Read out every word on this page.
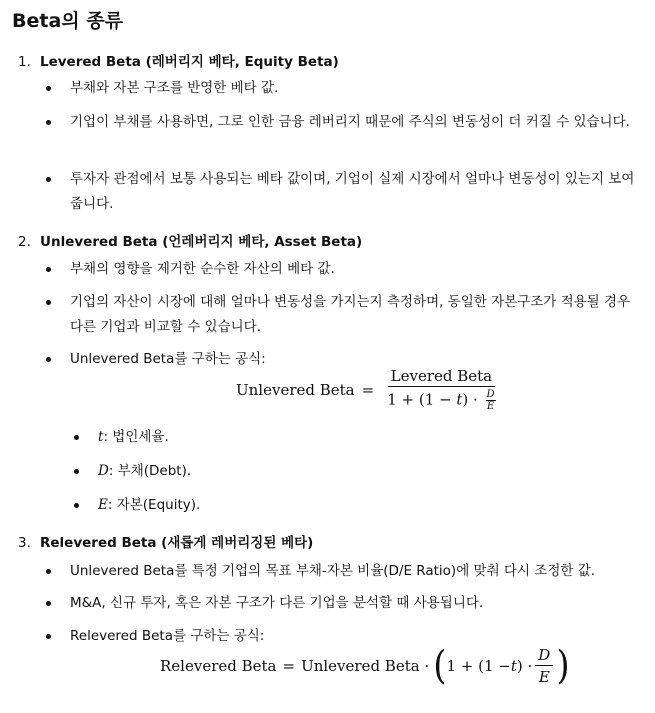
Beta의 종류
1. Levered Beta (레버리지 베타, Equity Beta)
부채와 자본 구조를 반영한 베타 값.
기업이 부채를 사용하면, 그로 인한 금융 레버리지 때문에 주식의 변동성이 더 커질 수 있습니다.
투자자 관점에서 보통 사용되는 베타 값이며, 기업이 실제 시장에서 얼마나 변동성이 있는지 보여줍니다.
2. Unlevered Beta (언레버리지 베타, Asset Beta)
부채의 영향을 제거한 순수한 자산의 베타 값.
기업의 자산이 시장에 대해 얼마나 변동성을 가지는지 측정하며, 동일한 자본구조가 적용될 경우 다른 기업과 비교할 수 있습니다.
Unlevered Beta를 구하는 공식:
Unlevered Beta = $\frac{\text{Levered Beta}}{1 + (1 - t) \cdot \frac{D}{E}}$
t: 법인세율.
D: 부채(Debt).
E: 자본(Equity).
3. Relevered Beta (새롭게 레버리징된 베타)
Unlevered Beta를 특정 기업의 목표 부채-자본 비율(D/E Ratio)에 맞춰 다시 조정한 값.
M&A, 신규 투자, 혹은 자본 구조가 다른 기업을 분석할 때 사용됩니다.
Relevered Beta를 구하는 공식:
Relevered Beta = Unlevered Beta · ( 1 + (1 − t ) · $\frac{D}{E}$ )
